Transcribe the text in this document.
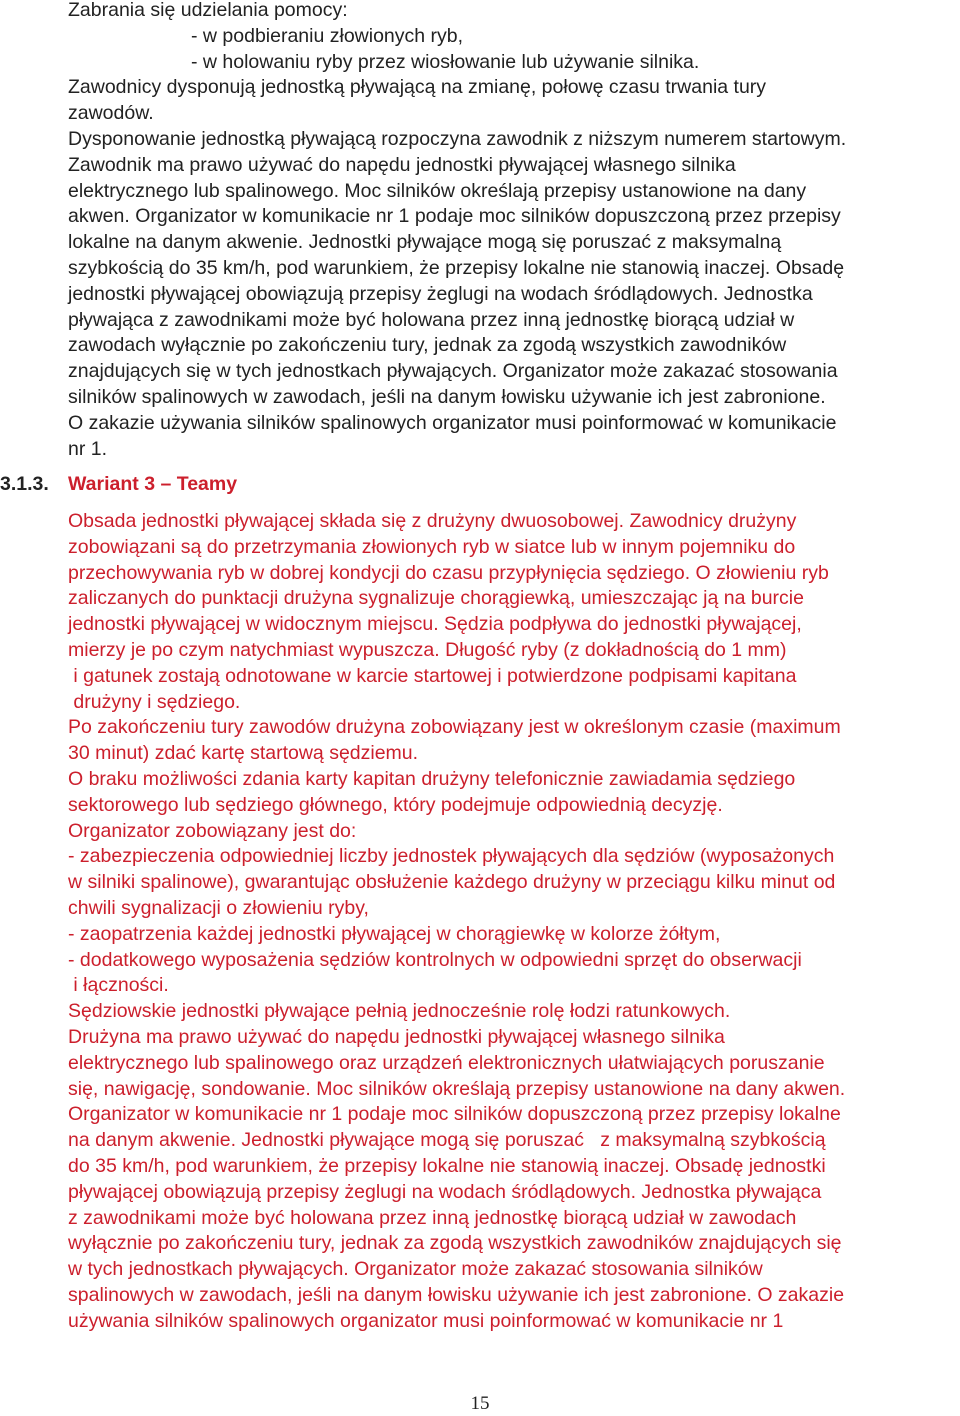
Zabrania się udzielania pomocy:
- w podbieraniu złowionych ryb,
- w holowaniu ryby przez wiosłowanie lub używanie silnika.
Zawodnicy dysponują jednostką pływającą na zmianę, połowę czasu trwania tury
zawodów.
Dysponowanie jednostką pływającą rozpoczyna zawodnik z niższym numerem startowym.
Zawodnik ma prawo używać do napędu jednostki pływającej własnego silnika
elektrycznego lub spalinowego. Moc silników określają przepisy ustanowione na dany
akwen. Organizator w komunikacie nr 1 podaje moc silników dopuszczoną przez przepisy
lokalne na danym akwenie. Jednostki pływające mogą się poruszać z maksymalną
szybkością do 35 km/h, pod warunkiem, że przepisy lokalne nie stanowią inaczej. Obsadę
jednostki pływającej obowiązują przepisy żeglugi na wodach śródlądowych. Jednostka
pływająca z zawodnikami może być holowana przez inną jednostkę biorącą udział w
zawodach wyłącznie po zakończeniu tury, jednak za zgodą wszystkich zawodników
znajdujących się w tych jednostkach pływających. Organizator może zakazać stosowania
silników spalinowych w zawodach, jeśli na danym łowisku używanie ich jest zabronione.
O zakazie używania silników spalinowych organizator musi poinformować w komunikacie
nr 1.
3.1.3. Wariant 3 – Teamy
Obsada jednostki pływającej składa się z drużyny dwuosobowej. Zawodnicy drużyny
zobowiązani są do przetrzymania złowionych ryb w siatce lub w innym pojemniku do
przechowywania ryb w dobrej kondycji do czasu przypłynięcia sędziego. O złowieniu ryb
zaliczanych do punktacji drużyna sygnalizuje chorągiewką, umieszczając ją na burcie
jednostki pływającej w widocznym miejscu. Sędzia podpływa do jednostki pływającej,
mierzy je po czym natychmiast wypuszcza. Długość ryby (z dokładnością do 1 mm)
i gatunek zostają odnotowane w karcie startowej i potwierdzone podpisami kapitana
drużyny i sędziego.
Po zakończeniu tury zawodów drużyna zobowiązany jest w określonym czasie (maximum
30 minut) zdać kartę startową sędziemu.
O braku możliwości zdania karty kapitan drużyny telefonicznie zawiadamia sędziego
sektorowego lub sędziego głównego, który podejmuje odpowiednią decyzję.
Organizator zobowiązany jest do:
- zabezpieczenia odpowiedniej liczby jednostek pływających dla sędziów (wyposażonych
w silniki spalinowe), gwarantując obsłużenie każdego drużyny w przeciągu kilku minut od
chwili sygnalizacji o złowieniu ryby,
- zaopatrzenia każdej jednostki pływającej w chorągiewkę w kolorze żółtym,
- dodatkowego wyposażenia sędziów kontrolnych w odpowiedni sprzęt do obserwacji
i łączności.
Sędziowskie jednostki pływające pełnią jednocześnie rolę łodzi ratunkowych.
Drużyna ma prawo używać do napędu jednostki pływającej własnego silnika
elektrycznego lub spalinowego oraz urządzeń elektronicznych ułatwiających poruszanie
się, nawigację, sondowanie. Moc silników określają przepisy ustanowione na dany akwen.
Organizator w komunikacie nr 1 podaje moc silników dopuszczoną przez przepisy lokalne
na danym akwenie. Jednostki pływające mogą się poruszać   z maksymalną szybkością
do 35 km/h, pod warunkiem, że przepisy lokalne nie stanowią inaczej. Obsadę jednostki
pływającej obowiązują przepisy żeglugi na wodach śródlądowych. Jednostka pływająca
z zawodnikami może być holowana przez inną jednostkę biorącą udział w zawodach
wyłącznie po zakończeniu tury, jednak za zgodą wszystkich zawodników znajdujących się
w tych jednostkach pływających. Organizator może zakazać stosowania silników
spalinowych w zawodach, jeśli na danym łowisku używanie ich jest zabronione. O zakazie
używania silników spalinowych organizator musi poinformować w komunikacie nr 1
15
